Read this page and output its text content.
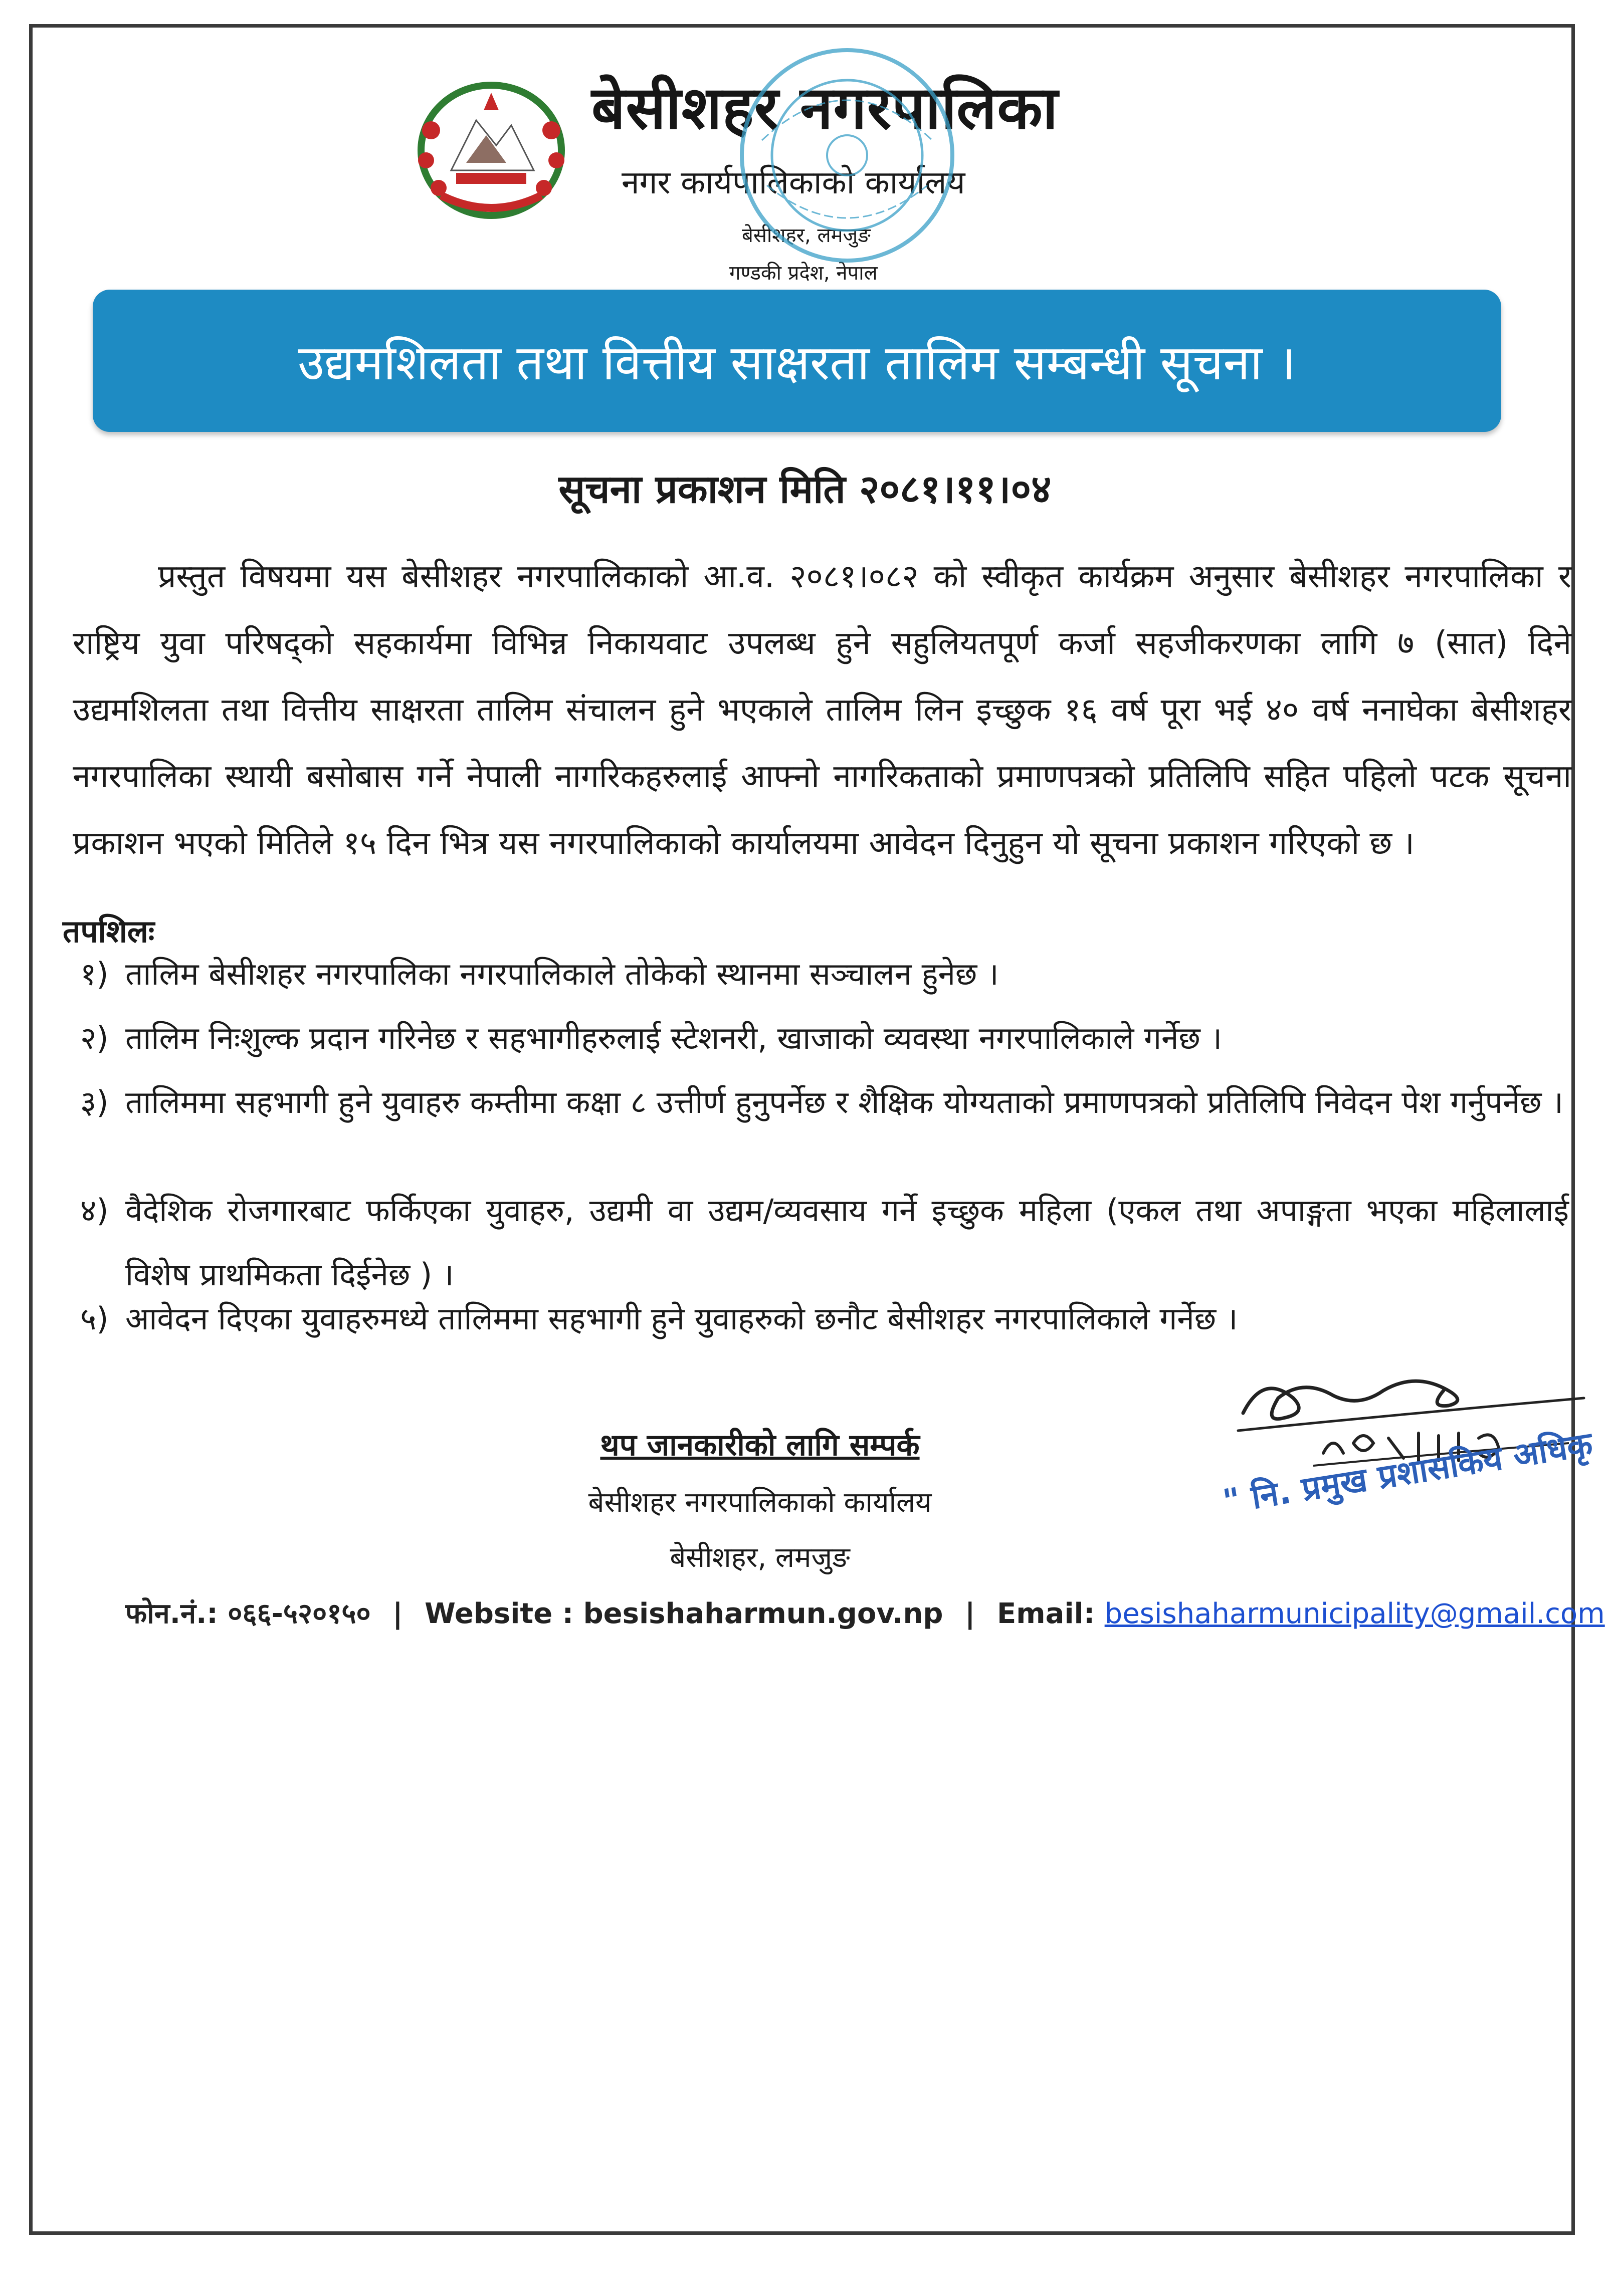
बेसीशहर नगरपालिका
नगर कार्यपालिकाको कार्यालय
बेसीशहर, लमजुङ
गण्डकी प्रदेश, नेपाल
उद्यमशिलता तथा वित्तीय साक्षरता तालिम सम्बन्धी सूचना ।
सूचना प्रकाशन मिति २०८१।११।०४

प्रस्तुत विषयमा यस बेसीशहर नगरपालिकाको आ.व. २०८१।०८२ को स्वीकृत कार्यक्रम अनुसार बेसीशहर नगरपालिका र राष्ट्रिय युवा परिषद्को सहकार्यमा विभिन्न निकायवाट उपलब्ध हुने सहुलियतपूर्ण कर्जा सहजीकरणका लागि ७ (सात) दिने उद्यमशिलता तथा वित्तीय साक्षरता तालिम संचालन हुने भएकाले तालिम लिन इच्छुक १६ वर्ष पूरा भई ४० वर्ष ननाघेका बेसीशहर नगरपालिका स्थायी बसोबास गर्ने नेपाली नागरिकहरुलाई आफ्नो नागरिकताको प्रमाणपत्रको प्रतिलिपि सहित पहिलो पटक सूचना प्रकाशन भएको मितिले १५ दिन भित्र यस नगरपालिकाको कार्यालयमा आवेदन दिनुहुन यो सूचना प्रकाशन गरिएको छ ।

तपशिलः
१) तालिम बेसीशहर नगरपालिका नगरपालिकाले तोकेको स्थानमा सञ्चालन हुनेछ ।
२) तालिम निःशुल्क प्रदान गरिनेछ र सहभागीहरुलाई स्टेशनरी, खाजाको व्यवस्था नगरपालिकाले गर्नेछ ।
३) तालिममा सहभागी हुने युवाहरु कम्तीमा कक्षा ८ उत्तीर्ण हुनुपर्नेछ र शैक्षिक योग्यताको प्रमाणपत्रको प्रतिलिपि निवेदन पेश गर्नुपर्नेछ ।
४) वैदेशिक रोजगारबाट फर्किएका युवाहरु, उद्यमी वा उद्यम/व्यवसाय गर्ने इच्छुक महिला (एकल तथा अपाङ्गता भएका महिलालाई विशेष प्राथमिकता दिईनेछ ) ।
५) आवेदन दिएका युवाहरुमध्ये तालिममा सहभागी हुने युवाहरुको छनौट बेसीशहर नगरपालिकाले गर्नेछ ।
" नि. प्रमुख प्रशासकिय अधिकृ
थप जानकारीको लागि सम्पर्क
बेसीशहर नगरपालिकाको कार्यालय
बेसीशहर, लमजुङ
फोन.नं.: ०६६-५२०१५० | Website : besishaharmun.gov.np | Email: besishaharmunicipality@gmail.com
